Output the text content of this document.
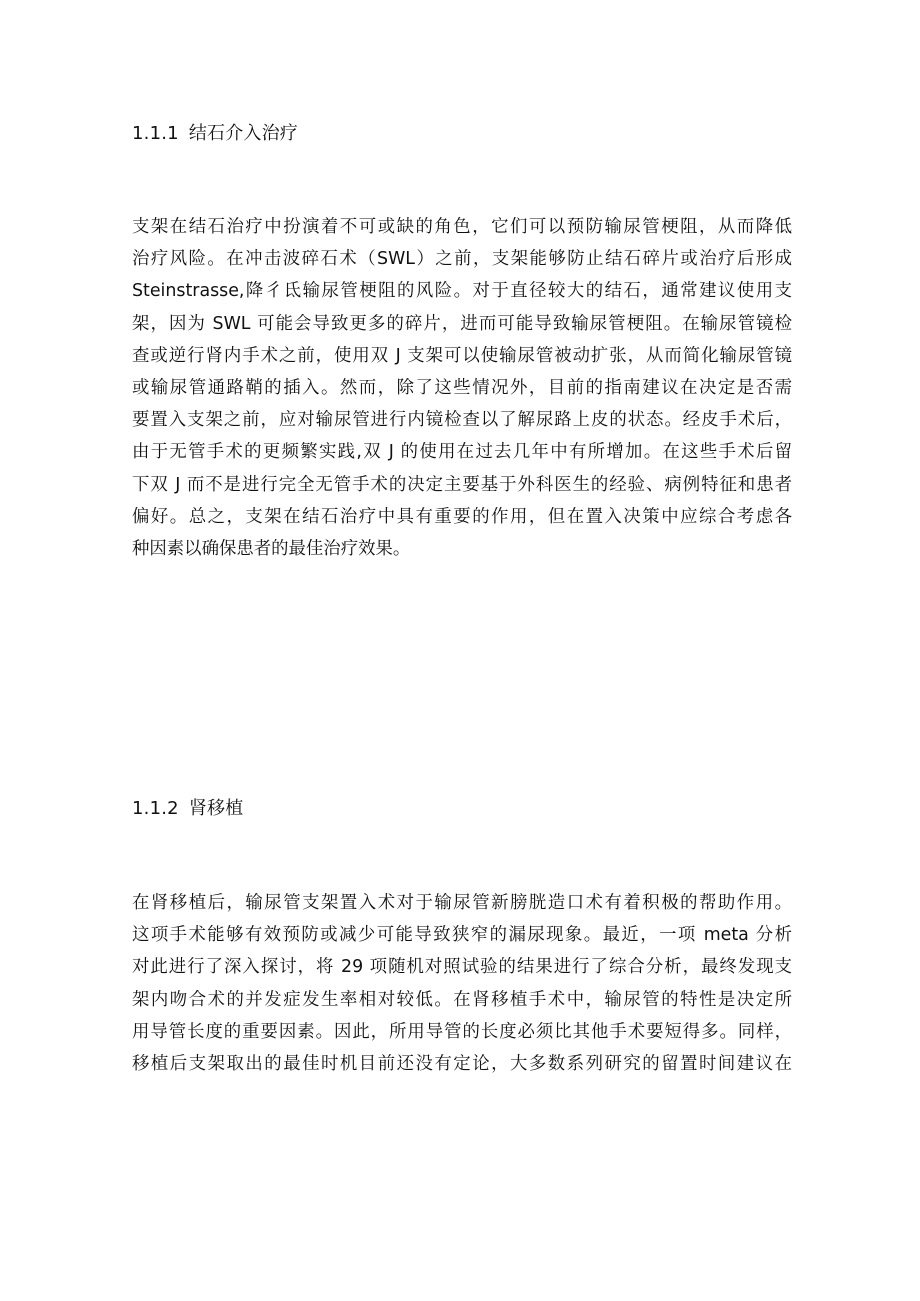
1.1.1 结石介入治疗
支架在结石治疗中扮演着不可或缺的角色，它们可以预防输尿管梗阻，从而降低
治疗风险。在冲击波碎石术（SWL）之前，支架能够防止结石碎片或治疗后形成
Steinstrasse,降彳氐输尿管梗阻的风险。对于直径较大的结石，通常建议使用支
架，因为 SWL 可能会导致更多的碎片，进而可能导致输尿管梗阻。在输尿管镜检
查或逆行肾内手术之前，使用双 J 支架可以使输尿管被动扩张，从而简化输尿管镜
或输尿管通路鞘的插入。然而，除了这些情况外，目前的指南建议在决定是否需
要置入支架之前，应对输尿管进行内镜检查以了解尿路上皮的状态。经皮手术后，
由于无管手术的更频繁实践,双 J 的使用在过去几年中有所增加。在这些手术后留
下双 J 而不是进行完全无管手术的决定主要基于外科医生的经验、病例特征和患者
偏好。总之，支架在结石治疗中具有重要的作用，但在置入决策中应综合考虑各
种因素以确保患者的最佳治疗效果。
1.1.2 肾移植
在肾移植后，输尿管支架置入术对于输尿管新膀胱造口术有着积极的帮助作用。
这项手术能够有效预防或减少可能导致狭窄的漏尿现象。最近，一项 meta 分析
对此进行了深入探讨，将 29 项随机对照试验的结果进行了综合分析，最终发现支
架内吻合术的并发症发生率相对较低。在肾移植手术中，输尿管的特性是决定所
用导管长度的重要因素。因此，所用导管的长度必须比其他手术要短得多。同样，
移植后支架取出的最佳时机目前还没有定论，大多数系列研究的留置时间建议在
